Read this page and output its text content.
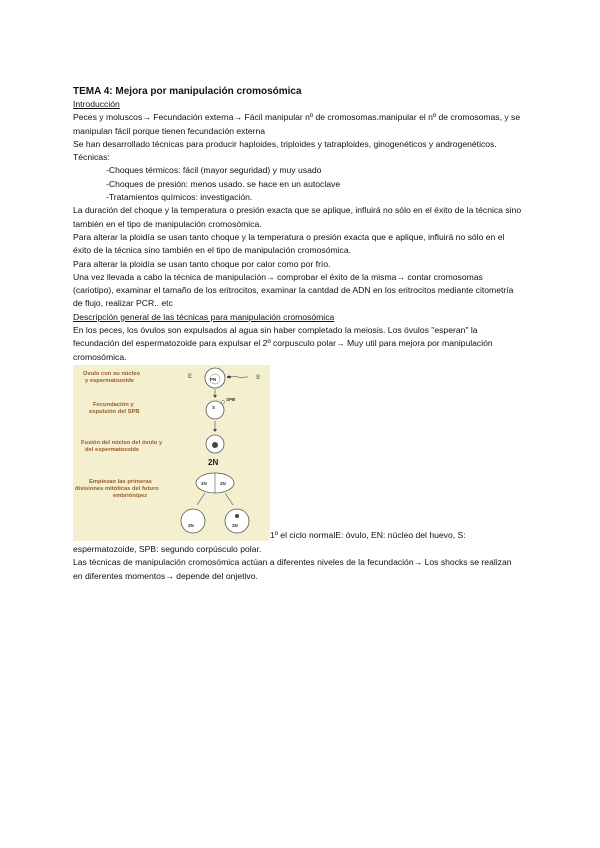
TEMA 4: Mejora por manipulación cromosómica

Introducción

Peces y moluscos→ Fecundación externa→ Fácil manipular nº de cromosomas.manipular el nº de cromosomas, y se manipulan fácil porque tienen fecundación externa

Se han desarrollado técnicas para producir haploides, triploides y tatraploides, ginogenéticos y androgenéticos.

Técnicas:

-Choques térmicos: fácil (mayor seguridad) y muy usado

-Choques de presión: menos usado. se hace en un autoclave

-Tratamientos químicos: investigación.

La duración del choque y la temperatura o presión exacta que se aplique, influirá no sólo en el éxito de la técnica sino también en el tipo de manipulación cromosómica.

Para alterar la ploidía se usan tanto choque y la temperatura o presión exacta que e aplique, influirá no sólo en el éxito de la técnica sino también en el tipo de manipulación cromosómica.

Para alterar la ploidía se usan tanto choque por calor como por frío.

Una vez llevada a cabo la técnica de manipulación→ comprobar el éxito de la misma→ contar cromosomas (cariotipo), examinar el tamaño de los eritrocitos, examinar la cantdad de ADN en los eritrocitos mediante citometría de flujo, realizar PCR.. etc

Descripción general de las técnicas para manipulación cromosómica

En los peces, los óvulos son expulsados al agua sin haber completado la meiosis. Los óvulos "esperan" la fecundación del espermatozoide para expulsar el 2º corpusculo polar→ Muy util para mejora por manipulación cromosómica.

Ovulo con su núcleo
y espermatozoide
Fecundación y
expulsión del SPB
Fusión del núcleo del óvulo y
del espermatozoide
Empiezan las primeras
divisiones mitóticas del futuro
embrión/pez
E	S
PN
SPB
S
2N
2N	2N
2N	2N
1º el ciclo normalE: óvulo, EN: núcleo del huevo, S:

espermatozoide, SPB: segundo corpúsculo polar.

Las técnicas de manipulación cromosómica actúan a diferentes niveles de la fecundación→ Los shocks se realizan en diferentes momentos→ depende del onjetivo.
